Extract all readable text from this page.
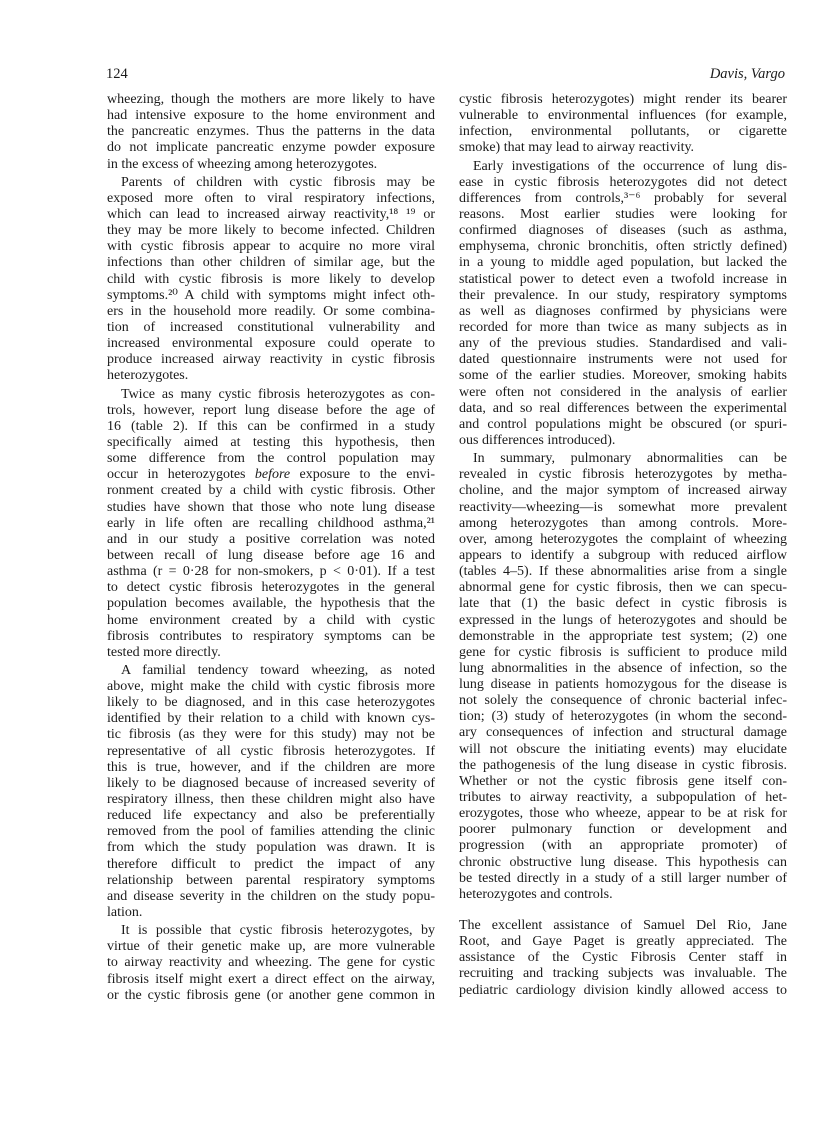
124	Davis, Vargo
wheezing, though the mothers are more likely to have
had intensive exposure to the home environment and
the pancreatic enzymes. Thus the patterns in the data
do not implicate pancreatic enzyme powder exposure
in the excess of wheezing among heterozygotes.
Parents of children with cystic fibrosis may be
exposed more often to viral respiratory infections,
which can lead to increased airway reactivity,¹⁸ ¹⁹ or
they may be more likely to become infected. Children
with cystic fibrosis appear to acquire no more viral
infections than other children of similar age, but the
child with cystic fibrosis is more likely to develop
symptoms.²⁰ A child with symptoms might infect oth-
ers in the household more readily. Or some combina-
tion of increased constitutional vulnerability and
increased environmental exposure could operate to
produce increased airway reactivity in cystic fibrosis
heterozygotes.
Twice as many cystic fibrosis heterozygotes as con-
trols, however, report lung disease before the age of
16 (table 2). If this can be confirmed in a study
specifically aimed at testing this hypothesis, then
some difference from the control population may
occur in heterozygotes before exposure to the envi-
ronment created by a child with cystic fibrosis. Other
studies have shown that those who note lung disease
early in life often are recalling childhood asthma,²¹
and in our study a positive correlation was noted
between recall of lung disease before age 16 and
asthma (r = 0·28 for non-smokers, p < 0·01). If a test
to detect cystic fibrosis heterozygotes in the general
population becomes available, the hypothesis that the
home environment created by a child with cystic
fibrosis contributes to respiratory symptoms can be
tested more directly.
A familial tendency toward wheezing, as noted
above, might make the child with cystic fibrosis more
likely to be diagnosed, and in this case heterozygotes
identified by their relation to a child with known cys-
tic fibrosis (as they were for this study) may not be
representative of all cystic fibrosis heterozygotes. If
this is true, however, and if the children are more
likely to be diagnosed because of increased severity of
respiratory illness, then these children might also have
reduced life expectancy and also be preferentially
removed from the pool of families attending the clinic
from which the study population was drawn. It is
therefore difficult to predict the impact of any
relationship between parental respiratory symptoms
and disease severity in the children on the study popu-
lation.
It is possible that cystic fibrosis heterozygotes, by
virtue of their genetic make up, are more vulnerable
to airway reactivity and wheezing. The gene for cystic
fibrosis itself might exert a direct effect on the airway,
or the cystic fibrosis gene (or another gene common in
cystic fibrosis heterozygotes) might render its bearer
vulnerable to environmental influences (for example,
infection, environmental pollutants, or cigarette
smoke) that may lead to airway reactivity.
Early investigations of the occurrence of lung dis-
ease in cystic fibrosis heterozygotes did not detect
differences from controls,³⁻⁶ probably for several
reasons. Most earlier studies were looking for
confirmed diagnoses of diseases (such as asthma,
emphysema, chronic bronchitis, often strictly defined)
in a young to middle aged population, but lacked the
statistical power to detect even a twofold increase in
their prevalence. In our study, respiratory symptoms
as well as diagnoses confirmed by physicians were
recorded for more than twice as many subjects as in
any of the previous studies. Standardised and vali-
dated questionnaire instruments were not used for
some of the earlier studies. Moreover, smoking habits
were often not considered in the analysis of earlier
data, and so real differences between the experimental
and control populations might be obscured (or spuri-
ous differences introduced).
In summary, pulmonary abnormalities can be
revealed in cystic fibrosis heterozygotes by metha-
choline, and the major symptom of increased airway
reactivity—wheezing—is somewhat more prevalent
among heterozygotes than among controls. More-
over, among heterozygotes the complaint of wheezing
appears to identify a subgroup with reduced airflow
(tables 4–5). If these abnormalities arise from a single
abnormal gene for cystic fibrosis, then we can specu-
late that (1) the basic defect in cystic fibrosis is
expressed in the lungs of heterozygotes and should be
demonstrable in the appropriate test system; (2) one
gene for cystic fibrosis is sufficient to produce mild
lung abnormalities in the absence of infection, so the
lung disease in patients homozygous for the disease is
not solely the consequence of chronic bacterial infec-
tion; (3) study of heterozygotes (in whom the second-
ary consequences of infection and structural damage
will not obscure the initiating events) may elucidate
the pathogenesis of the lung disease in cystic fibrosis.
Whether or not the cystic fibrosis gene itself con-
tributes to airway reactivity, a subpopulation of het-
erozygotes, those who wheeze, appear to be at risk for
poorer pulmonary function or development and
progression (with an appropriate promoter) of
chronic obstructive lung disease. This hypothesis can
be tested directly in a study of a still larger number of
heterozygotes and controls.
The excellent assistance of Samuel Del Rio, Jane
Root, and Gaye Paget is greatly appreciated. The
assistance of the Cystic Fibrosis Center staff in
recruiting and tracking subjects was invaluable. The
pediatric cardiology division kindly allowed access to
